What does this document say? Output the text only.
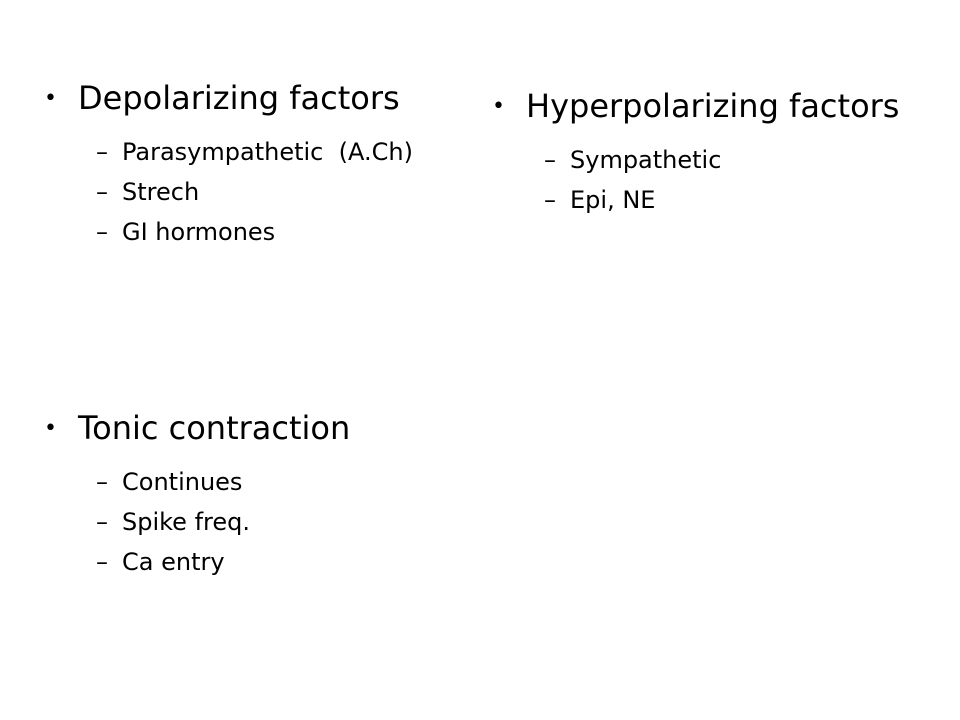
• Depolarizing factors
– Parasympathetic  (A.Ch)
– Strech
– GI hormones
• Tonic contraction
– Continues
– Spike freq.
– Ca entry
• Hyperpolarizing factors
– Sympathetic
– Epi, NE
